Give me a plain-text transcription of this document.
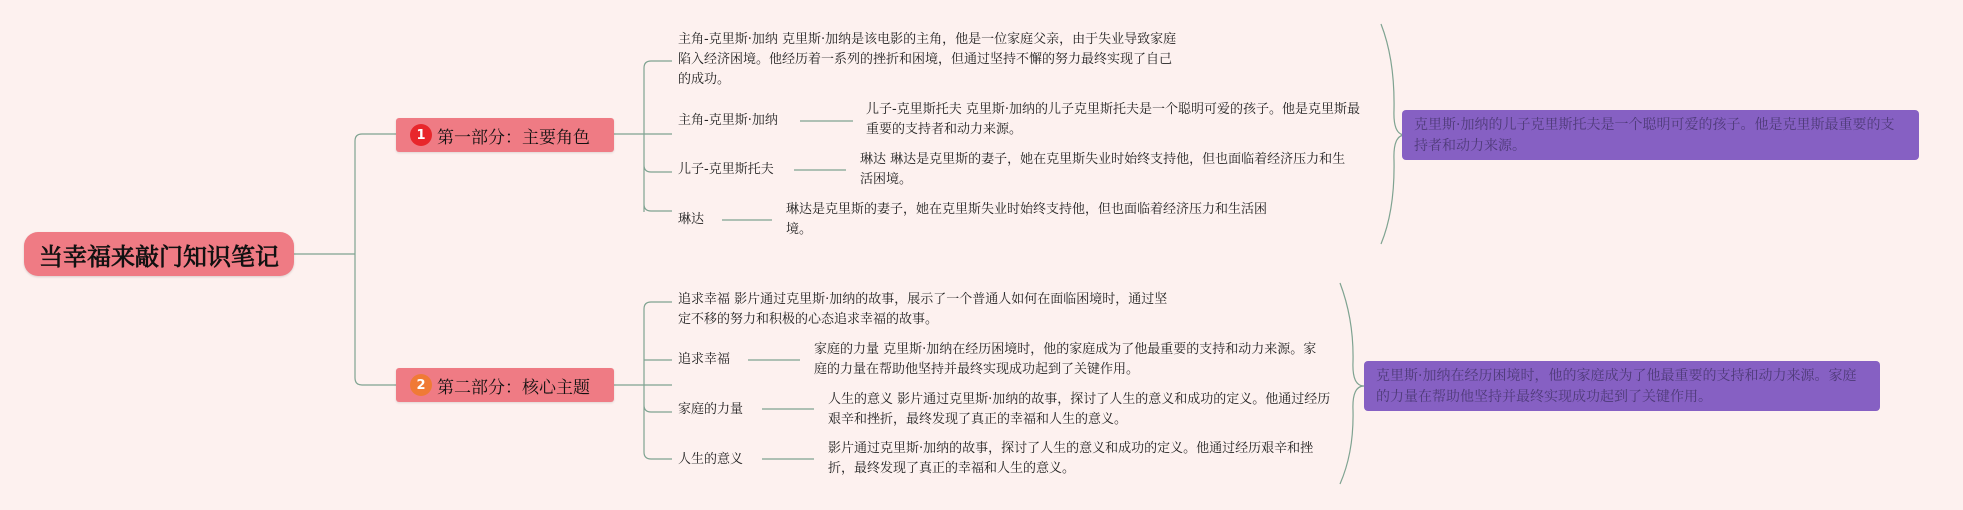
当幸福来敲门知识笔记
1 第一部分：主要角色
主角-克里斯·加纳 克里斯·加纳是该电影的主角，他是一位家庭父亲，由于失业导致家庭陷入经济困境。他经历着一系列的挫折和困境，但通过坚持不懈的努力最终实现了自己的成功。
主角-克里斯·加纳
儿子-克里斯托夫 克里斯·加纳的儿子克里斯托夫是一个聪明可爱的孩子。他是克里斯最重要的支持者和动力来源。
儿子-克里斯托夫
琳达 琳达是克里斯的妻子，她在克里斯失业时始终支持他，但也面临着经济压力和生活困境。
琳达
琳达是克里斯的妻子，她在克里斯失业时始终支持他，但也面临着经济压力和生活困境。
克里斯·加纳的儿子克里斯托夫是一个聪明可爱的孩子。他是克里斯最重要的支持者和动力来源。
2 第二部分：核心主题
追求幸福 影片通过克里斯·加纳的故事，展示了一个普通人如何在面临困境时，通过坚定不移的努力和积极的心态追求幸福的故事。
追求幸福
家庭的力量 克里斯·加纳在经历困境时，他的家庭成为了他最重要的支持和动力来源。家庭的力量在帮助他坚持并最终实现成功起到了关键作用。
家庭的力量
人生的意义 影片通过克里斯·加纳的故事，探讨了人生的意义和成功的定义。他通过经历艰辛和挫折，最终发现了真正的幸福和人生的意义。
人生的意义
影片通过克里斯·加纳的故事，探讨了人生的意义和成功的定义。他通过经历艰辛和挫折，最终发现了真正的幸福和人生的意义。
克里斯·加纳在经历困境时，他的家庭成为了他最重要的支持和动力来源。家庭的力量在帮助他坚持并最终实现成功起到了关键作用。
